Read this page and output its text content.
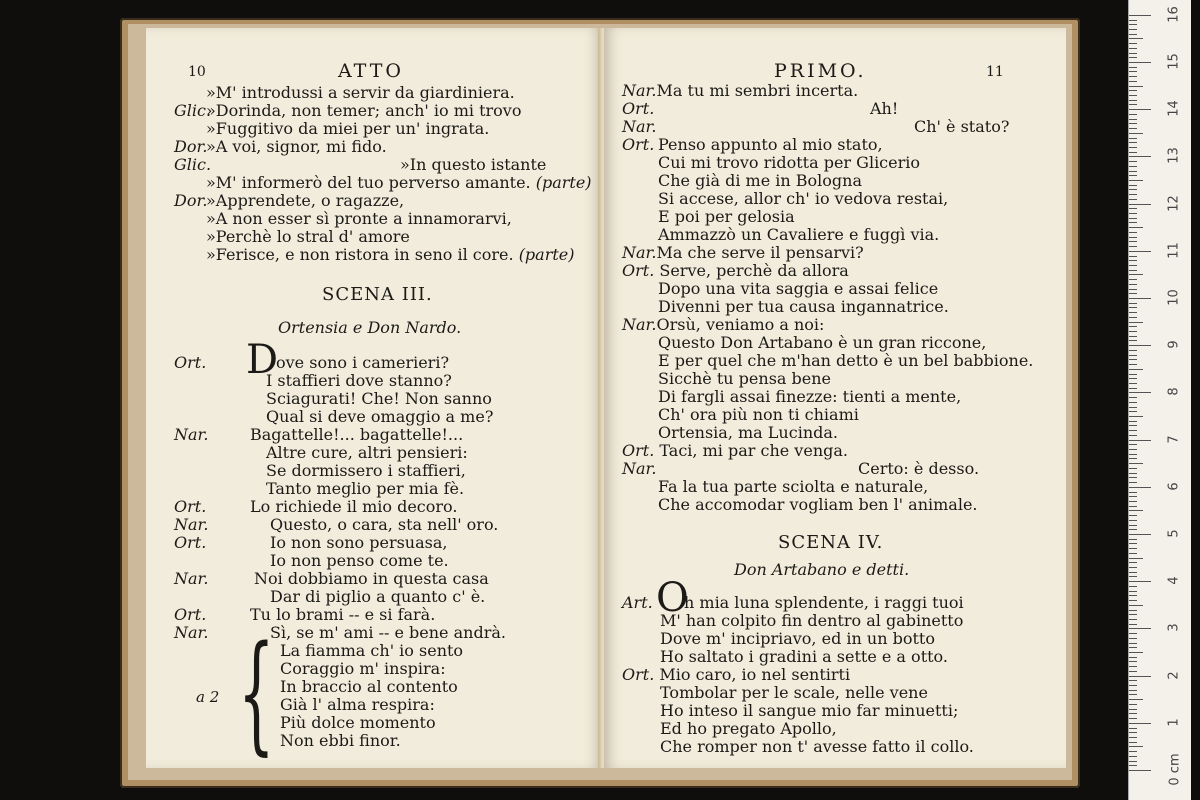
10	ATTO
»M' introdussi a servir da giardiniera.
Glic.»Dorinda, non temer; anch' io mi trovo
»Fuggitivo da miei per un' ingrata.
Dor.»A voi, signor, mi fido.
Glic.	»In questo istante
»M' informerò del tuo perverso amante. (parte)
Dor.»Apprendete, o ragazze,
»A non esser sì pronte a innamorarvi,
»Perchè lo stral d' amore
»Ferisce, e non ristora in seno il core. (parte)
SCENA III.
Ortensia e Don Nardo.
D
Ort.	ove sono i camerieri?
I staffieri dove stanno?
Sciagurati! Che! Non sanno
Qual si deve omaggio a me?
Nar.	Bagattelle!... bagattelle!...
Altre cure, altri pensieri:
Se dormissero i staffieri,
Tanto meglio per mia fè.
Ort.	Lo richiede il mio decoro.
Nar.	Questo, o cara, sta nell' oro.
Ort.	Io non sono persuasa,
Io non penso come te.
Nar.	Noi dobbiamo in questa casa
Dar di piglio a quanto c' è.
Ort.	Tu lo brami -- e si farà.
Nar.	Sì, se m' ami -- e bene andrà.
{
a 2
La fiamma ch' io sento
Coraggio m' inspira:
In braccio al contento
Già l' alma respira:
Più dolce momento
Non ebbi finor.
PRIMO.	11
Nar.Ma tu mi sembri incerta.
Ort.	Ah!
Nar.	Ch' è stato?
Ort. Penso appunto al mio stato,
Cui mi trovo ridotta per Glicerio
Che già di me in Bologna
Si accese, allor ch' io vedova restai,
E poi per gelosia
Ammazzò un Cavaliere e fuggì via.
Nar.Ma che serve il pensarvi?
Ort. Serve, perchè da allora
Dopo una vita saggia e assai felice
Divenni per tua causa ingannatrice.
Nar.Orsù, veniamo a noi:
Questo Don Artabano è un gran riccone,
E per quel che m'han detto è un bel babbione.
Sicchè tu pensa bene
Di fargli assai finezze: tienti a mente,
Ch' ora più non ti chiami
Ortensia, ma Lucinda.
Ort. Taci, mi par che venga.
Nar.	Certo: è desso.
Fa la tua parte sciolta e naturale,
Che accomodar vogliam ben l' animale.
SCENA IV.
Don Artabano e detti.
O
Art. h mia luna splendente, i raggi tuoi
M' han colpito fin dentro al gabinetto
Dove m' incipriavo, ed in un botto
Ho saltato i gradini a sette e a otto.
Ort. Mio caro, io nel sentirti
Tombolar per le scale, nelle vene
Ho inteso il sangue mio far minuetti;
Ed ho pregato Apollo,
Che romper non t' avesse fatto il collo.
0 cm
1
2
3
4
5
6
7
8
9
10
11
12
13
14
15
16
